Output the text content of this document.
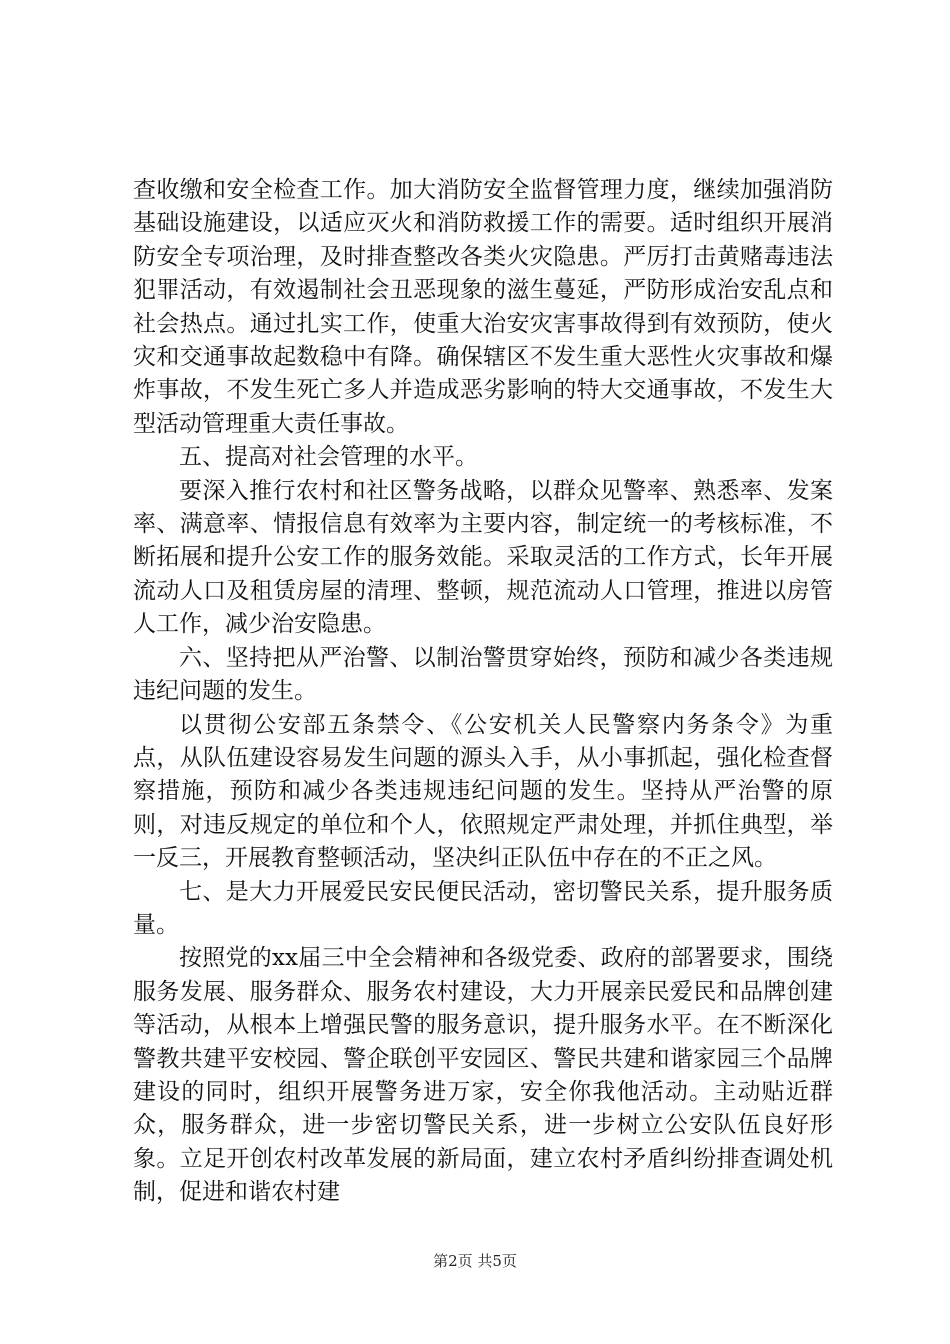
查收缴和安全检查工作。加大消防安全监督管理力度，继续加强消防基础设施建设，以适应灭火和消防救援工作的需要。适时组织开展消防安全专项治理，及时排查整改各类火灾隐患。严厉打击黄赌毒违法犯罪活动，有效遏制社会丑恶现象的滋生蔓延，严防形成治安乱点和社会热点。通过扎实工作，使重大治安灾害事故得到有效预防，使火灾和交通事故起数稳中有降。确保辖区不发生重大恶性火灾事故和爆炸事故，不发生死亡多人并造成恶劣影响的特大交通事故，不发生大型活动管理重大责任事故。

五、提高对社会管理的水平。

要深入推行农村和社区警务战略，以群众见警率、熟悉率、发案率、满意率、情报信息有效率为主要内容，制定统一的考核标准，不断拓展和提升公安工作的服务效能。采取灵活的工作方式，长年开展流动人口及租赁房屋的清理、整顿，规范流动人口管理，推进以房管人工作，减少治安隐患。

六、坚持把从严治警、以制治警贯穿始终，预防和减少各类违规违纪问题的发生。

以贯彻公安部五条禁令、《公安机关人民警察内务条令》为重点，从队伍建设容易发生问题的源头入手，从小事抓起，强化检查督察措施，预防和减少各类违规违纪问题的发生。坚持从严治警的原则，对违反规定的单位和个人，依照规定严肃处理，并抓住典型，举一反三，开展教育整顿活动，坚决纠正队伍中存在的不正之风。

七、是大力开展爱民安民便民活动，密切警民关系，提升服务质量。

按照党的xx届三中全会精神和各级党委、政府的部署要求，围绕服务发展、服务群众、服务农村建设，大力开展亲民爱民和品牌创建等活动，从根本上增强民警的服务意识，提升服务水平。在不断深化警教共建平安校园、警企联创平安园区、警民共建和谐家园三个品牌建设的同时，组织开展警务进万家，安全你我他活动。主动贴近群众，服务群众，进一步密切警民关系，进一步树立公安队伍良好形象。立足开创农村改革发展的新局面，建立农村矛盾纠纷排查调处机制，促进和谐农村建

第2页 共5页
